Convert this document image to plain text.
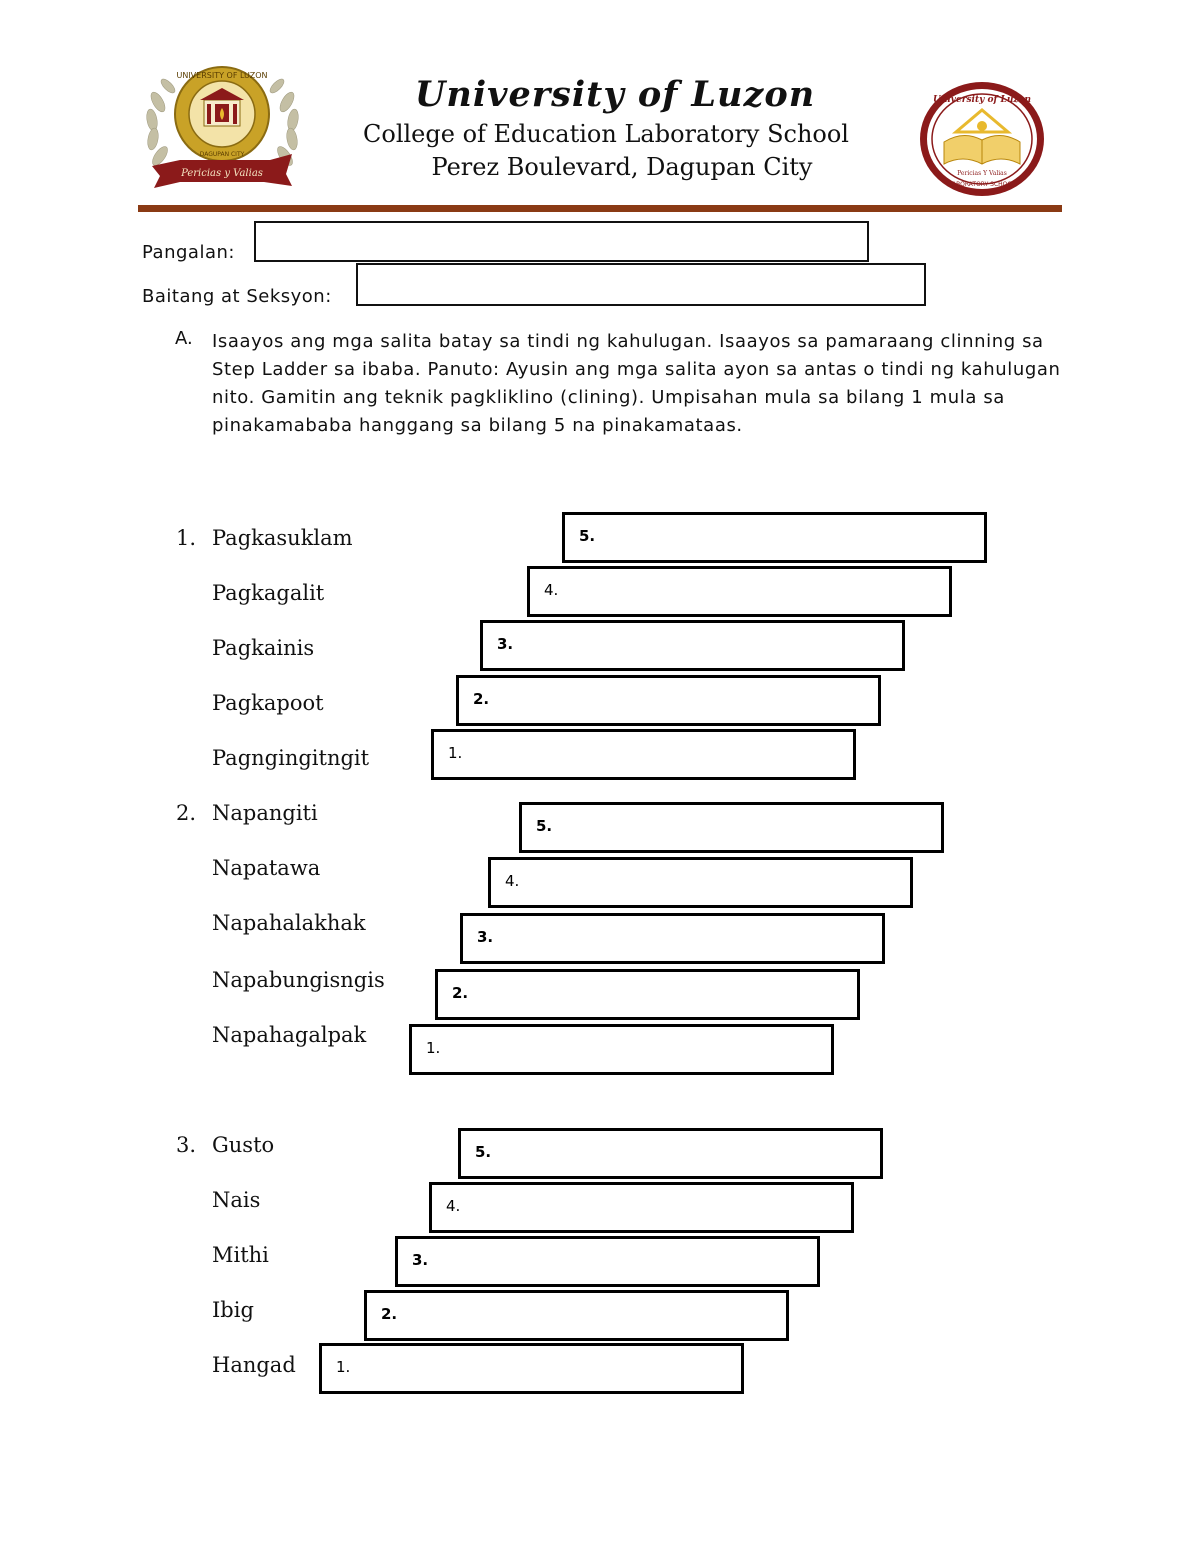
UNIVERSITY OF LUZON
DAGUPAN CITY
Pericias y Valias
University of Luzon
Pericias Y Valias
LABORATORY SCHOOL
University of Luzon
College of Education Laboratory School
Perez Boulevard, Dagupan City
Pangalan:
Baitang at Seksyon:
A. Isaayos ang mga salita batay sa tindi ng kahulugan. Isaayos sa pamaraang clinning sa Step Ladder sa ibaba. Panuto: Ayusin ang mga salita ayon sa antas o tindi ng kahulugan nito. Gamitin ang teknik pagkliklino (clining). Umpisahan mula sa bilang 1 mula sa pinakamababa hanggang sa bilang 5 na pinakamataas.
1. Pagkasuklam
Pagkagalit
Pagkainis
Pagkapoot
Pagngingitngit
5.
4.
3.
2.
1.
2. Napangiti
Napatawa
Napahalakhak
Napabungisngis
Napahagalpak
5.
4.
3.
2.
1.
3. Gusto
Nais
Mithi
Ibig
Hangad
5.
4.
3.
2.
1.
